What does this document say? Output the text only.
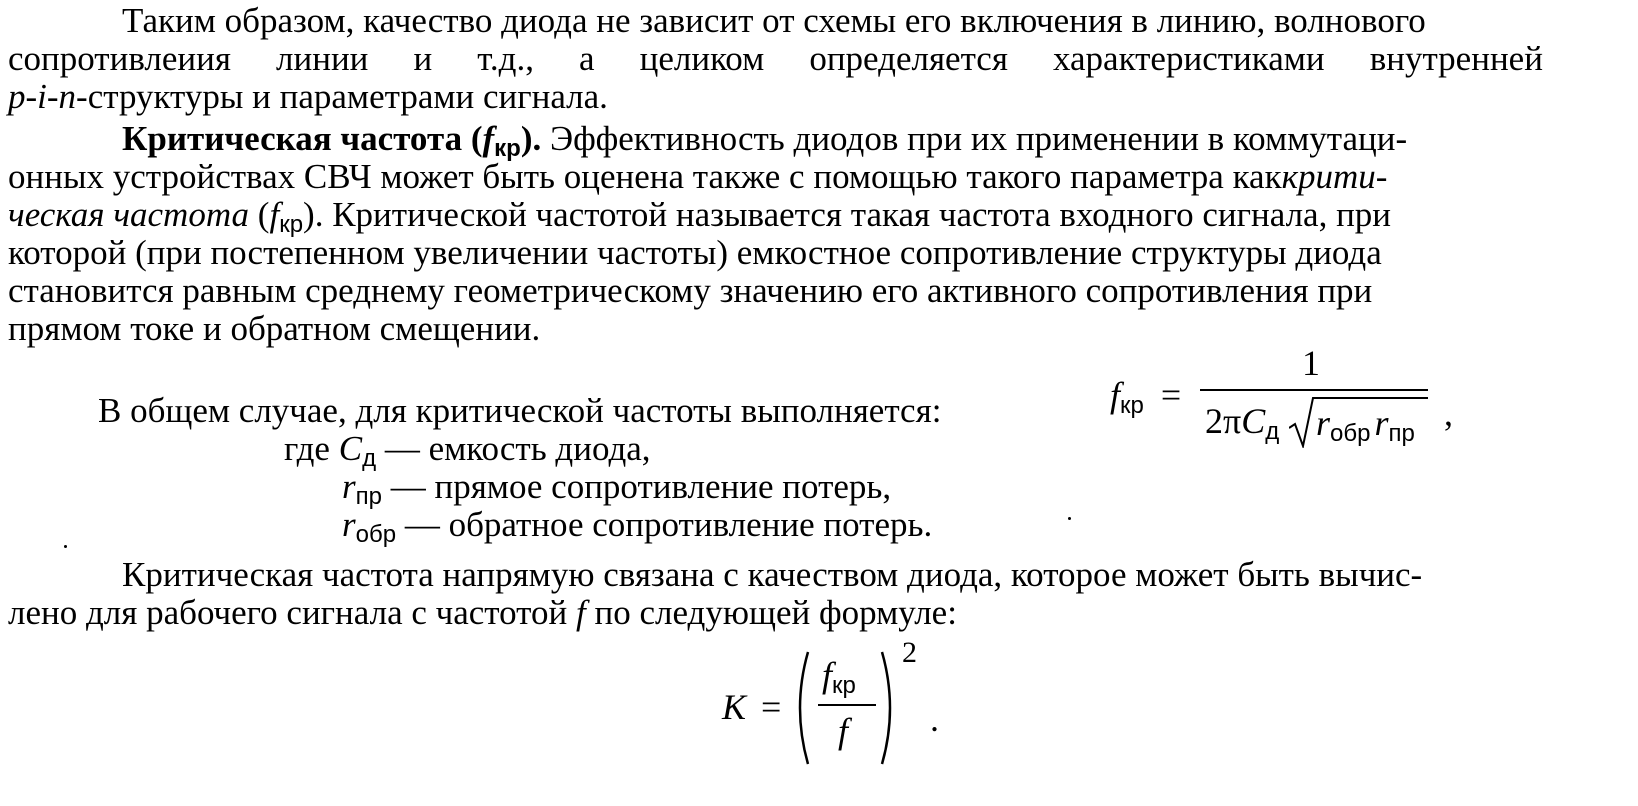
Таким образом, качество диода не зависит от схемы его включения в линию, волнового
сопротивлеиия линии и т.д., а целиком определяется характеристиками внутренней
p-i-n-структуры и параметрами сигнала.
Критическая частота (fкр). Эффективность диодов при их применении в коммутаци-
онных устройствах СВЧ может быть оценена также с помощью такого параметра каккрити-
ческая частота (fкр). Критической частотой называется такая частота входного сигнала, при
которой (при постепенном увеличении частоты) емкостное сопротивление структуры диода
становится равным среднему геометрическому значению его активного сопротивления при
прямом токе и обратном смещении.
В общем случае, для критической частоты выполняется:
где Cд — емкость диода,
rпр — прямое сопротивление потерь,
rобр — обратное сопротивление потерь.
fкр =
1
2πCд rобр rпр
,
Критическая частота напрямую связана с качеством диода, которое может быть вычис-
лено для рабочего сигнала с частотой f по следующей формуле:
K =
fкр
f
2
.
